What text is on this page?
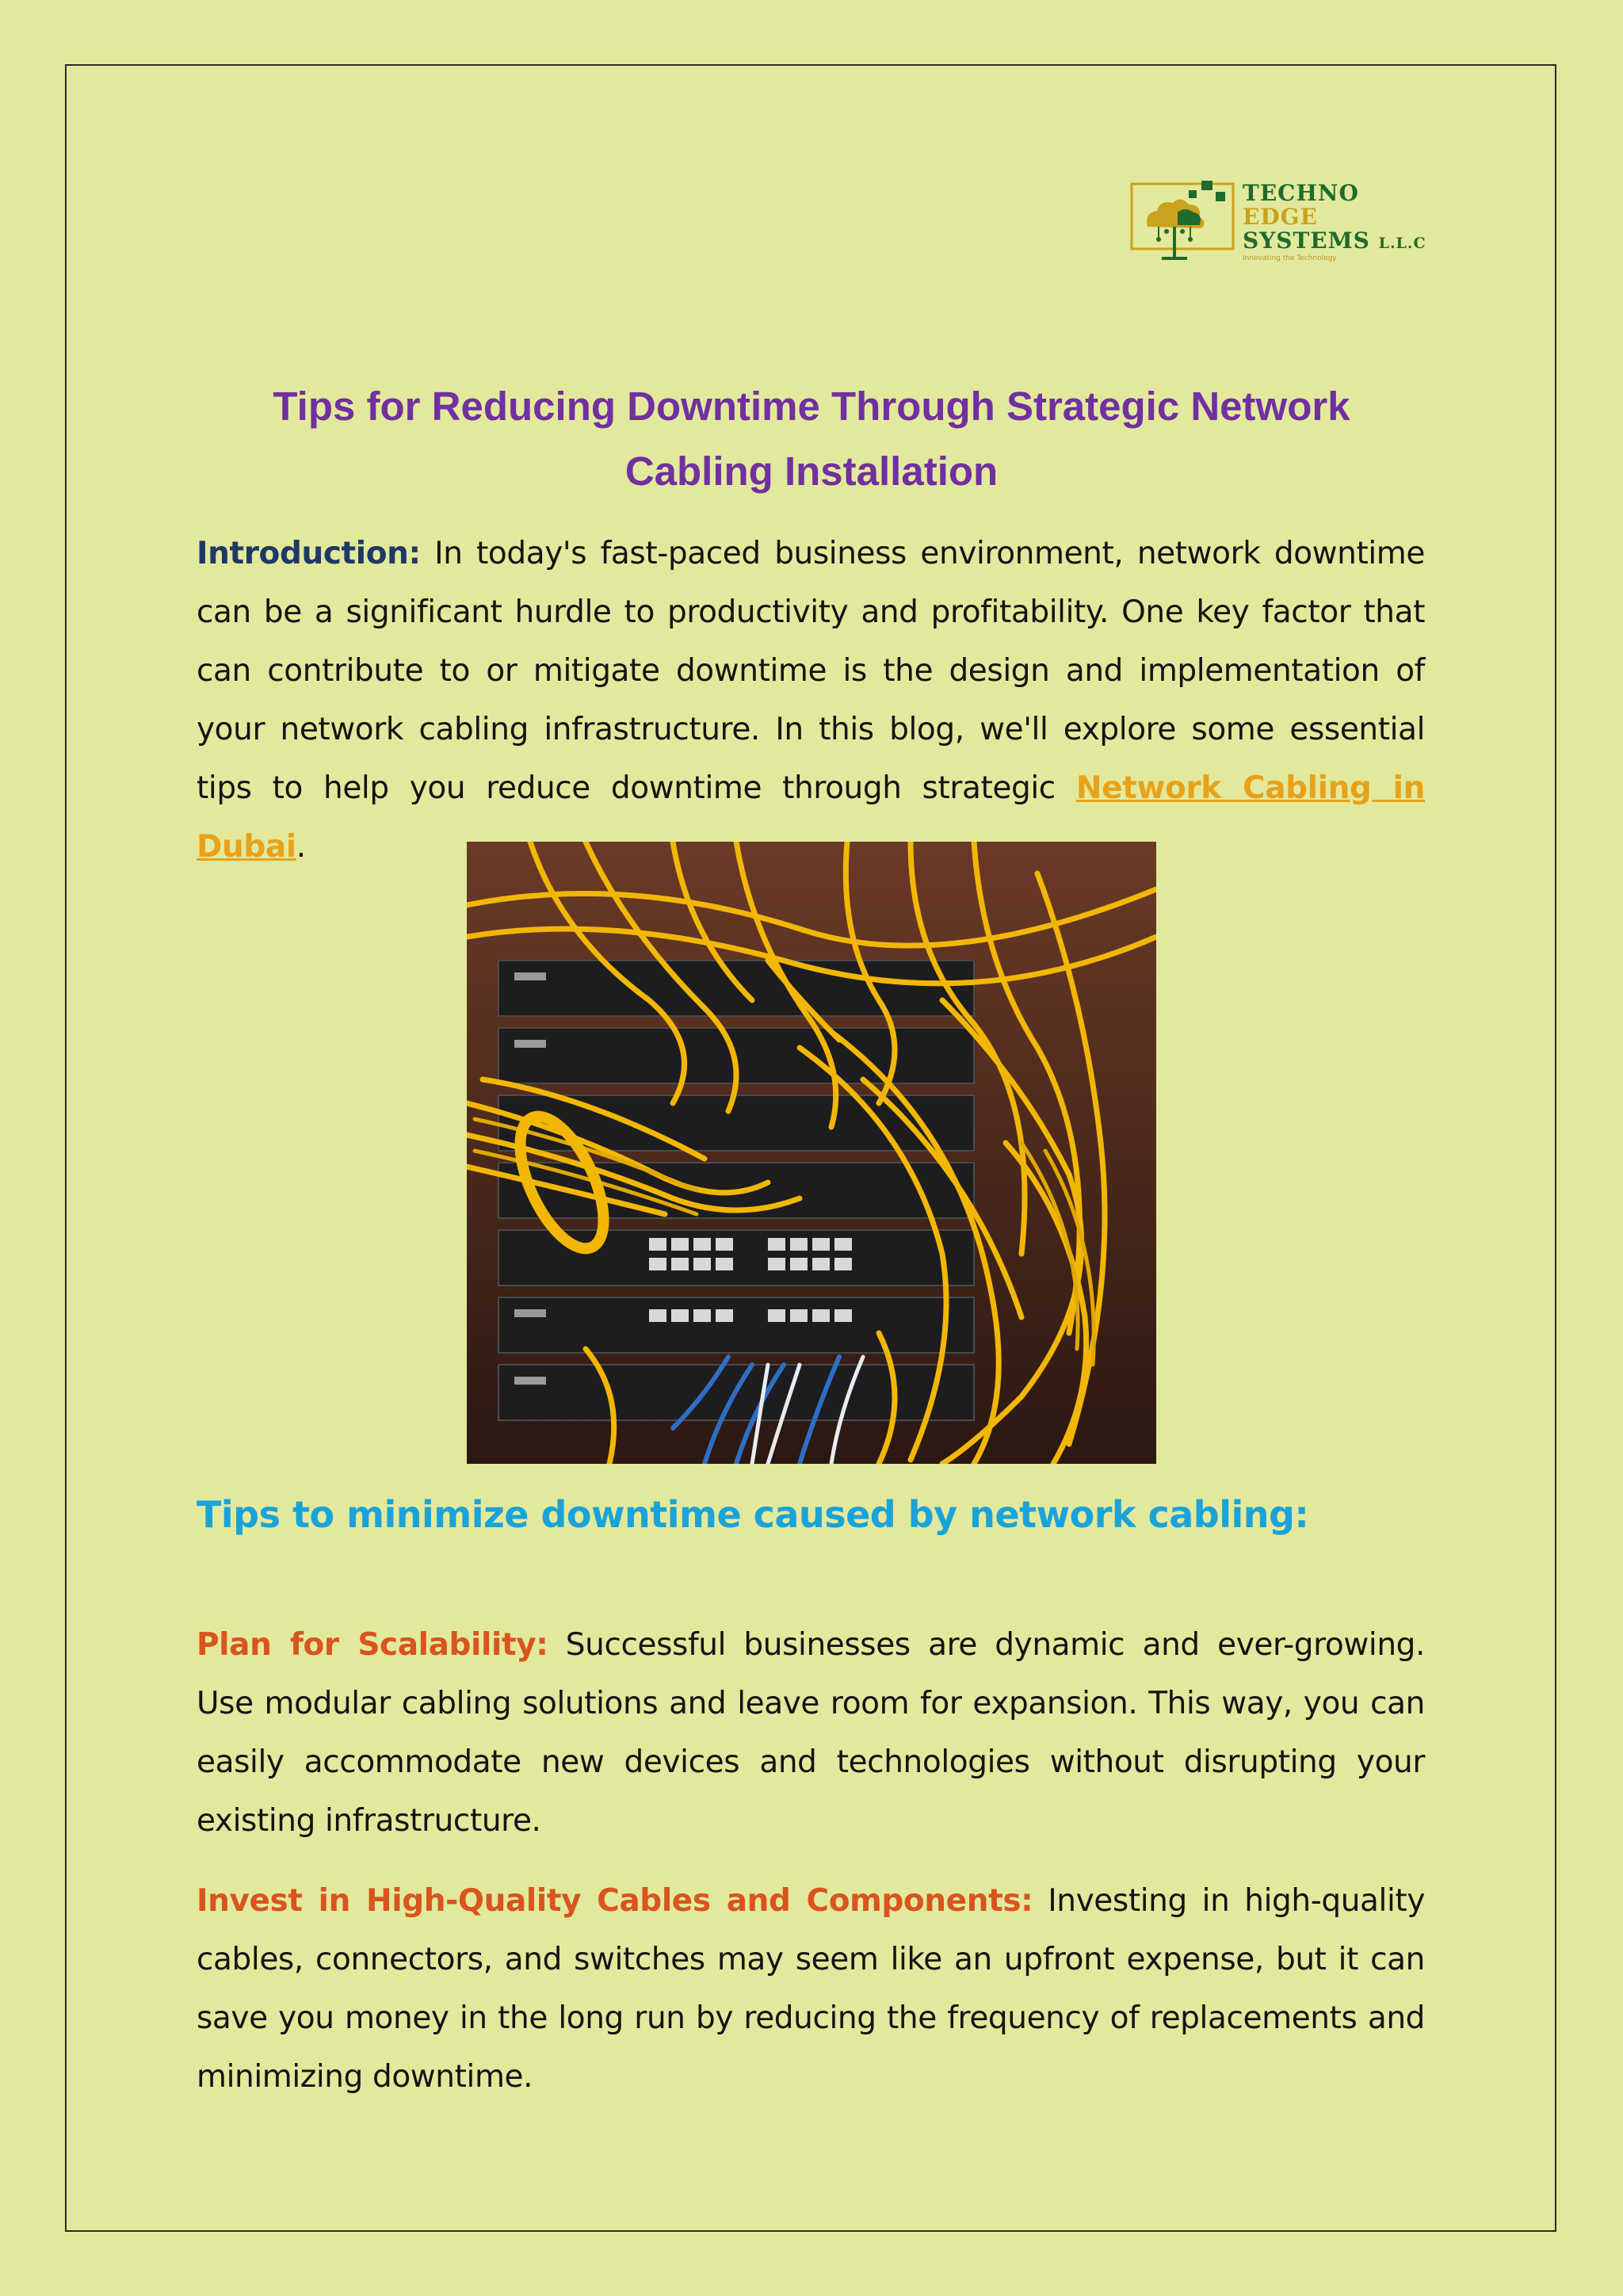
TECHNO
EDGE
SYSTEMS L.L.C
Innovating the Technology
Tips for Reducing Downtime Through Strategic Network Cabling Installation

Introduction: In today's fast-paced business environment, network downtime can be a significant hurdle to productivity and profitability. One key factor that can contribute to or mitigate downtime is the design and implementation of your network cabling infrastructure. In this blog, we'll explore some essential tips to help you reduce downtime through strategic Network Cabling in Dubai.

Tips to minimize downtime caused by network cabling:

Plan for Scalability: Successful businesses are dynamic and ever-growing. Use modular cabling solutions and leave room for expansion. This way, you can easily accommodate new devices and technologies without disrupting your existing infrastructure.

Invest in High-Quality Cables and Components: Investing in high-quality cables, connectors, and switches may seem like an upfront expense, but it can save you money in the long run by reducing the frequency of replacements and minimizing downtime.
